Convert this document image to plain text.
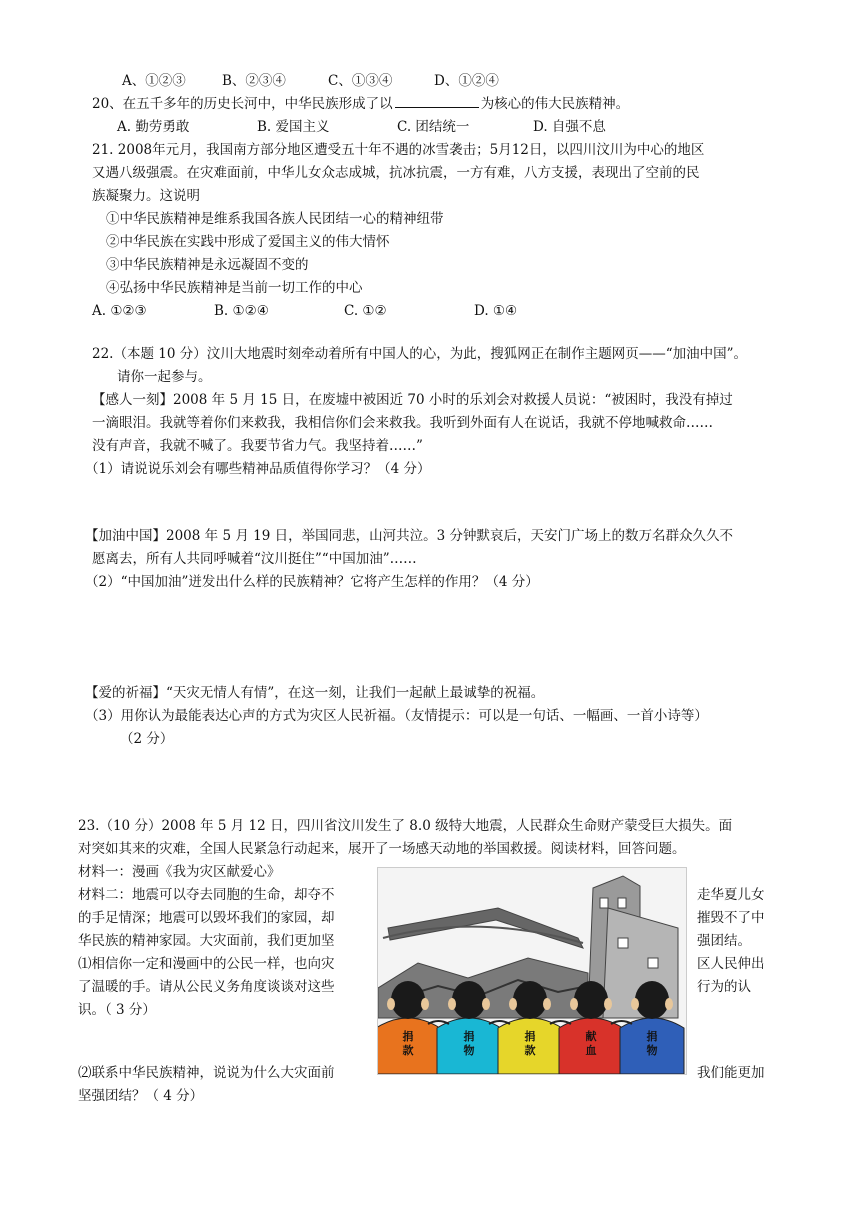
A、①②③	B、②③④	C、①③④	D、①②④
20、在五千多年的历史长河中，中华民族形成了以	为核心的伟大民族精神。
A. 勤劳勇敢	B. 爱国主义	C. 团结统一	D. 自强不息
21. 2008年元月，我国南方部分地区遭受五十年不遇的冰雪袭击；5月12日，以四川汶川为中心的地区
又遇八级强震。在灾难面前，中华儿女众志成城，抗冰抗震，一方有难，八方支援，表现出了空前的民
族凝聚力。这说明
①中华民族精神是维系我国各族人民团结一心的精神纽带
②中华民族在实践中形成了爱国主义的伟大情怀
③中华民族精神是永远凝固不变的
④弘扬中华民族精神是当前一切工作的中心
A. ①②③	B. ①②④	C. ①②	D. ①④
22.（本题 10 分）汶川大地震时刻牵动着所有中国人的心，为此，搜狐网正在制作主题网页——“加油中国”。
请你一起参与。
【感人一刻】2008 年 5 月 15 日，在废墟中被困近 70 小时的乐刘会对救援人员说：“被困时，我没有掉过
一滴眼泪。我就等着你们来救我，我相信你们会来救我。我听到外面有人在说话，我就不停地喊救命……
没有声音，我就不喊了。我要节省力气。我坚持着……”
（1）请说说乐刘会有哪些精神品质值得你学习？（4 分）
【加油中国】2008 年 5 月 19 日，举国同悲，山河共泣。3 分钟默哀后，天安门广场上的数万名群众久久不
愿离去，所有人共同呼喊着“汶川挺住”“中国加油”……
（2）“中国加油”迸发出什么样的民族精神？它将产生怎样的作用？（4 分）
【爱的祈福】“天灾无情人有情”，在这一刻，让我们一起献上最诚挚的祝福。
（3）用你认为最能表达心声的方式为灾区人民祈福。（友情提示：可以是一句话、一幅画、一首小诗等）
（2 分）
23.（10 分）2008 年 5 月 12 日，四川省汶川发生了 8.0 级特大地震，人民群众生命财产蒙受巨大损失。面
对突如其来的灾难，全国人民紧急行动起来，展开了一场感天动地的举国救援。阅读材料，回答问题。
材料一：漫画《我为灾区献爱心》
材料二：地震可以夺去同胞的生命，却夺不
的手足情深；地震可以毁坏我们的家园，却
华民族的精神家园。大灾面前，我们更加坚
⑴相信你一定和漫画中的公民一样，也向灾
了温暖的手。请从公民义务角度谈谈对这些
识。（ 3 分）
走华夏儿女
摧毁不了中
强团结。
区人民伸出
行为的认
⑵联系中华民族精神，说说为什么大灾面前	我们能更加
坚强团结？（ 4 分）
捐
款
捐
物
捐
款
献
血
捐
物
